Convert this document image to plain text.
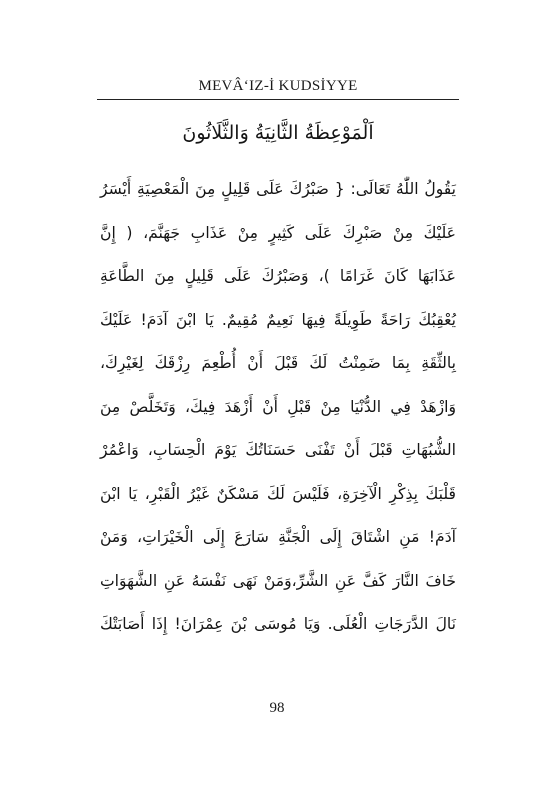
MEVÂ‘IZ-İ KUDSİYYE
اَلْمَوْعِظَةُ الثَّانِيَةُ وَالثَّلَاثُونَ
يَقُولُ اللّٰهُ تَعَالَى: { صَبْرُكَ عَلَى قَلِيلٍ مِنَ الْمَعْصِيَةِ أَيْسَرُ
عَلَيْكَ مِنْ صَبْرِكَ عَلَى كَثِيرٍ مِنْ عَذَابِ جَهَنَّمَ، ( إِنَّ
عَذَابَهَا كَانَ غَرَامًا )، وَصَبْرُكَ عَلَى قَلِيلٍ مِنَ الطَّاعَةِ
يُعْقِبُكَ رَاحَةً طَوِيلَةً فِيهَا نَعِيمٌ مُقِيمٌ. يَا ابْنَ آدَمَ! عَلَيْكَ
بِالثِّقَةِ بِمَا ضَمِنْتُ لَكَ قَبْلَ أَنْ أُطْعِمَ رِزْقَكَ لِغَيْرِكَ،
وَازْهَدْ فِي الدُّنْيَا مِنْ قَبْلِ أَنْ أَزْهَدَ فِيكَ، وَتَخَلَّصْ مِنَ
الشُّبُهَاتِ قَبْلَ أَنْ تَفْنَى حَسَنَاتُكَ يَوْمَ الْحِسَابِ، وَاعْمُرْ
قَلْبَكَ بِذِكْرِ الْآخِرَةِ، فَلَيْسَ لَكَ مَسْكَنٌ غَيْرُ الْقَبْرِ، يَا ابْنَ
آدَمَ! مَنِ اشْتَاقَ إِلَى الْجَنَّةِ سَارَعَ إِلَى الْخَيْرَاتِ، وَمَنْ
خَافَ النَّارَ كَفَّ عَنِ الشَّرِّ،وَمَنْ نَهَى نَفْسَهُ عَنِ الشَّهَوَاتِ
نَالَ الدَّرَجَاتِ الْعُلَى. وَيَا مُوسَى بْنَ عِمْرَانَ! إِذَا أَصَابَتْكَ
98
